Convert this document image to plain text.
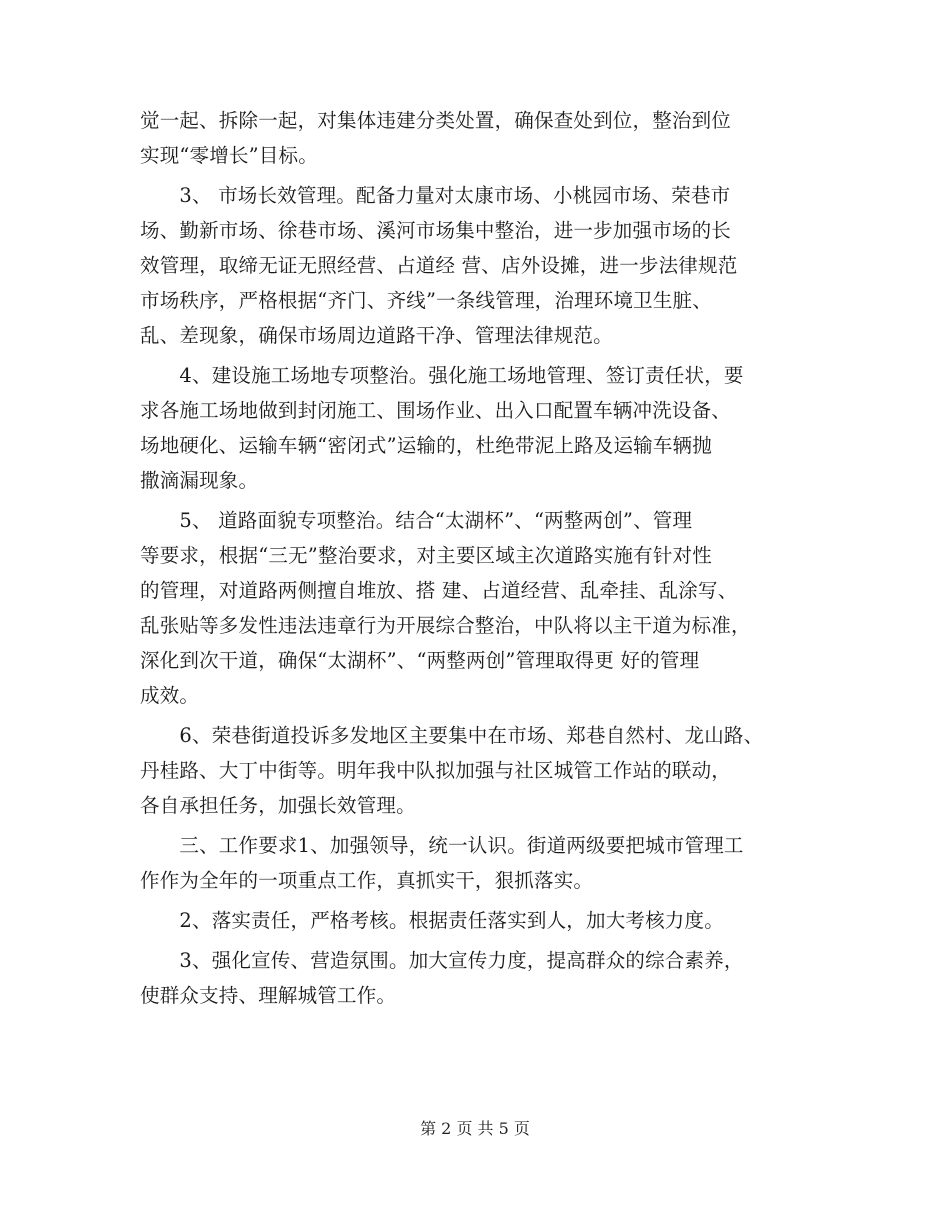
觉一起、拆除一起，对集体违建分类处置，确保查处到位，整治到位
实现“零增长”目标。
　　3、 市场长效管理。配备力量对太康市场、小桃园市场、荣巷市
场、勤新市场、徐巷市场、溪河市场集中整治，进一步加强市场的长
效管理，取缔无证无照经营、占道经 营、店外设摊，进一步法律规范
市场秩序，严格根据“齐门、齐线”一条线管理，治理环境卫生脏、
乱、差现象，确保市场周边道路干净、管理法律规范。
　　4、建设施工场地专项整治。强化施工场地管理、签订责任状，要
求各施工场地做到封闭施工、围场作业、出入口配置车辆冲洗设备、
场地硬化、运输车辆“密闭式”运输的，杜绝带泥上路及运输车辆抛
撒滴漏现象。
　　5、 道路面貌专项整治。结合“太湖杯”、“两整两创”、管理
等要求，根据“三无”整治要求，对主要区域主次道路实施有针对性
的管理，对道路两侧擅自堆放、搭 建、占道经营、乱牵挂、乱涂写、
乱张贴等多发性违法违章行为开展综合整治，中队将以主干道为标准，
深化到次干道，确保“太湖杯”、“两整两创”管理取得更 好的管理
成效。
　　6、荣巷街道投诉多发地区主要集中在市场、郑巷自然村、龙山路、
丹桂路、大丁中街等。明年我中队拟加强与社区城管工作站的联动，
各自承担任务，加强长效管理。
　　三、工作要求1、加强领导，统一认识。街道两级要把城市管理工
作作为全年的一项重点工作，真抓实干，狠抓落实。
　　2、落实责任，严格考核。根据责任落实到人，加大考核力度。
　　3、强化宣传、营造氛围。加大宣传力度，提高群众的综合素养，
使群众支持、理解城管工作。
第 2 页 共 5 页
